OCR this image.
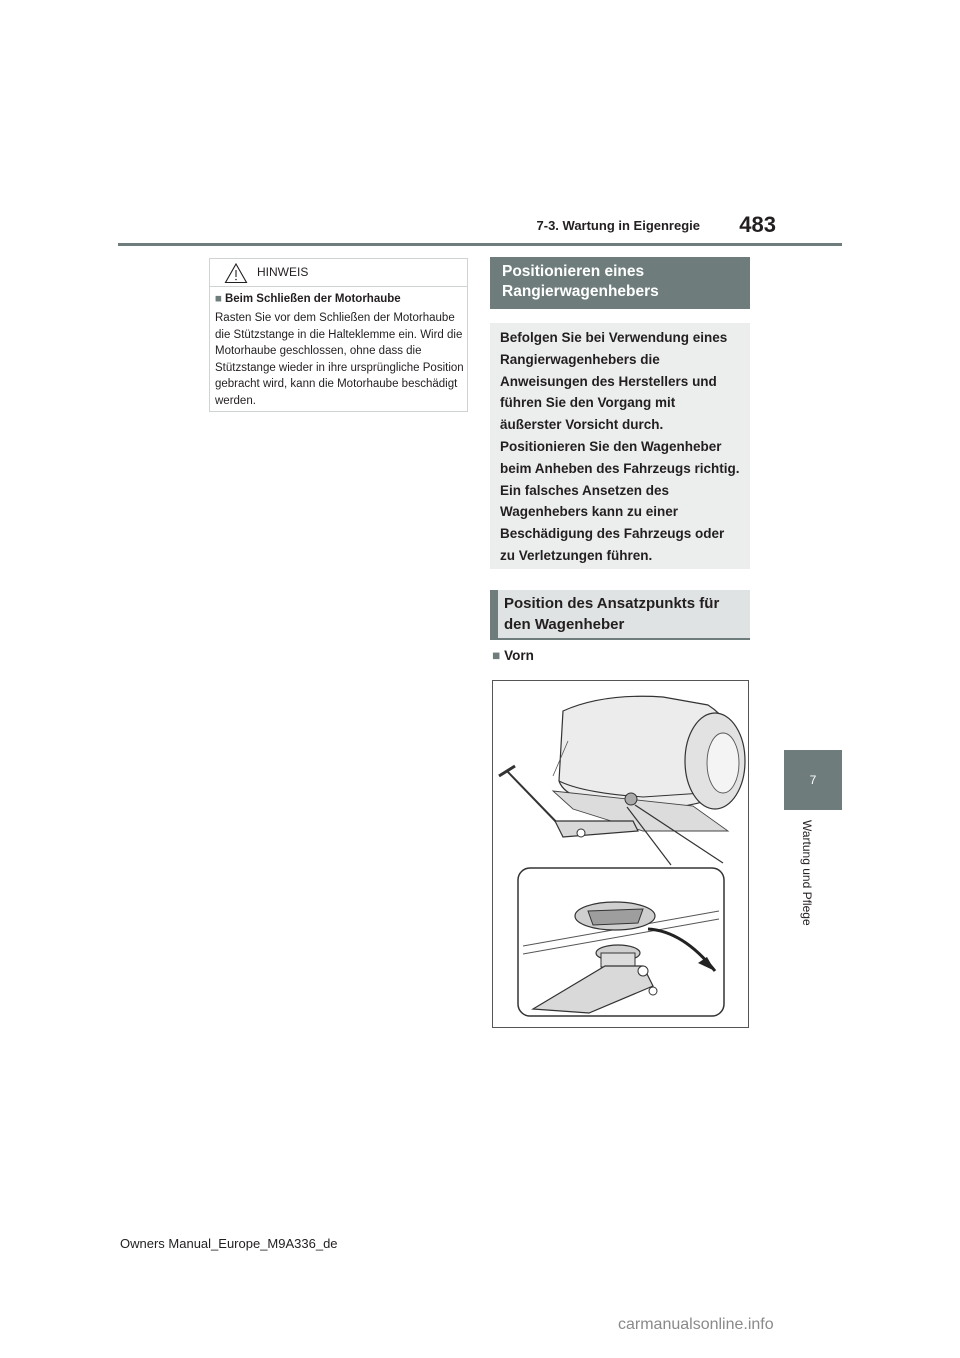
7-3. Wartung in Eigenregie	483
7
Wartung und Pflege
HINWEIS
■ Beim Schließen der Motorhaube
Rasten Sie vor dem Schließen der Motorhaube die Stützstange in die Halteklemme ein. Wird die Motorhaube geschlossen, ohne dass die Stützstange wieder in ihre ursprüngliche Position gebracht wird, kann die Motorhaube beschädigt werden.
Positionieren eines Rangierwagenhebers
Befolgen Sie bei Verwendung eines Rangierwagenhebers die Anweisungen des Herstellers und führen Sie den Vorgang mit äußerster Vorsicht durch. Positionieren Sie den Wagenheber beim Anheben des Fahrzeugs richtig. Ein falsches Ansetzen des Wagenhebers kann zu einer Beschädigung des Fahrzeugs oder zu Verletzungen führen.
Position des Ansatzpunkts für den Wagenheber
■ Vorn
Owners Manual_Europe_M9A336_de
carmanualsonline.info
